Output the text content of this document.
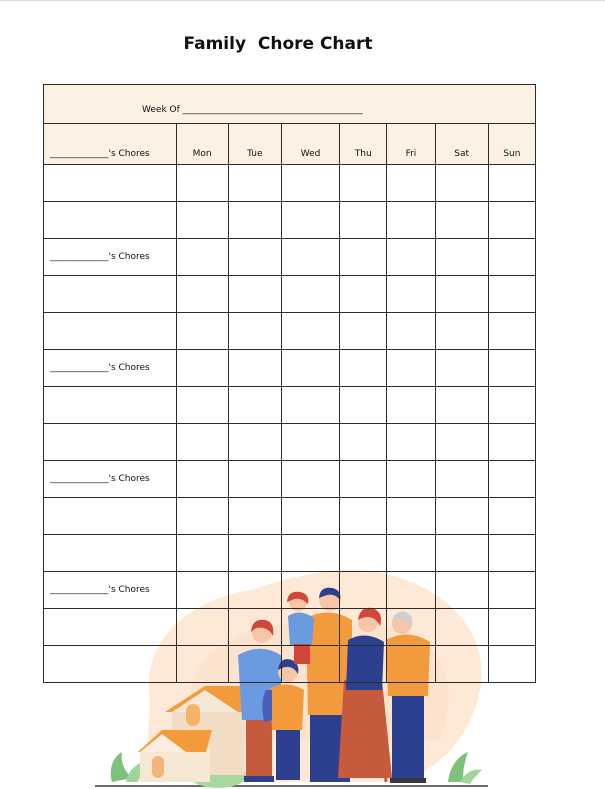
Family  Chore Chart
Week Of ________________________________________							

_____________'s Chores	Mon	Tue	Wed	Thu	Fri	Sat	Sun

_____________'s Chores							

_____________'s Chores							

_____________'s Chores							

_____________'s Chores							
